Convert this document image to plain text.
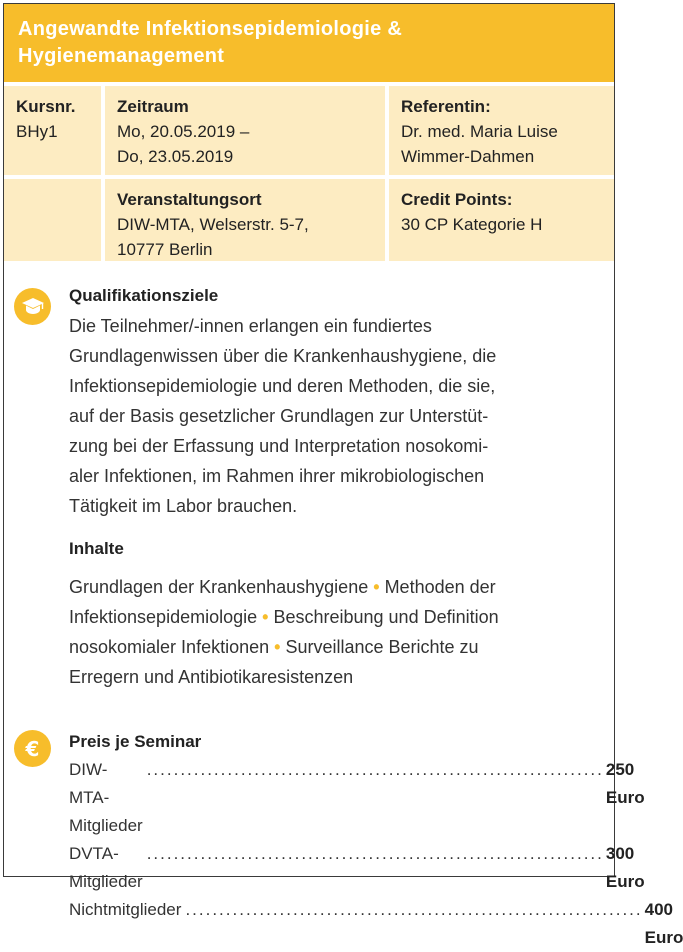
Angewandte Infektionsepidemiologie &
Hygienemanagement
Kursnr.
BHy1
Zeitraum
Mo, 20.05.2019 –
Do, 23.05.2019
Referentin:
Dr. med. Maria Luise
Wimmer-Dahmen
Veranstaltungsort
DIW-MTA, Welserstr. 5-7,
10777 Berlin
Credit Points:
30 CP Kategorie H
Qualifikationsziele
Die Teilnehmer/-innen erlangen ein fundiertes
Grundlagenwissen über die Krankenhaushygiene, die
Infektionsepidemiologie und deren Methoden, die sie,
auf der Basis gesetzlicher Grundlagen zur Unterstüt-
zung bei der Erfassung und Interpretation nosokomi-
aler Infektionen, im Rahmen ihrer mikrobiologischen
Tätigkeit im Labor brauchen.
Inhalte
Grundlagen der Krankenhaushygiene • Methoden der
Infektionsepidemiologie • Beschreibung und Definition
nosokomialer Infektionen • Surveillance Berichte zu
Erregern und Antibiotikaresistenzen
€ Preis je Seminar
DIW-MTA-Mitglieder
.................................................................... 250 Euro
DVTA-Mitglieder
.................................................................... 300 Euro
Nichtmitglieder .................................................................... 400 Euro
